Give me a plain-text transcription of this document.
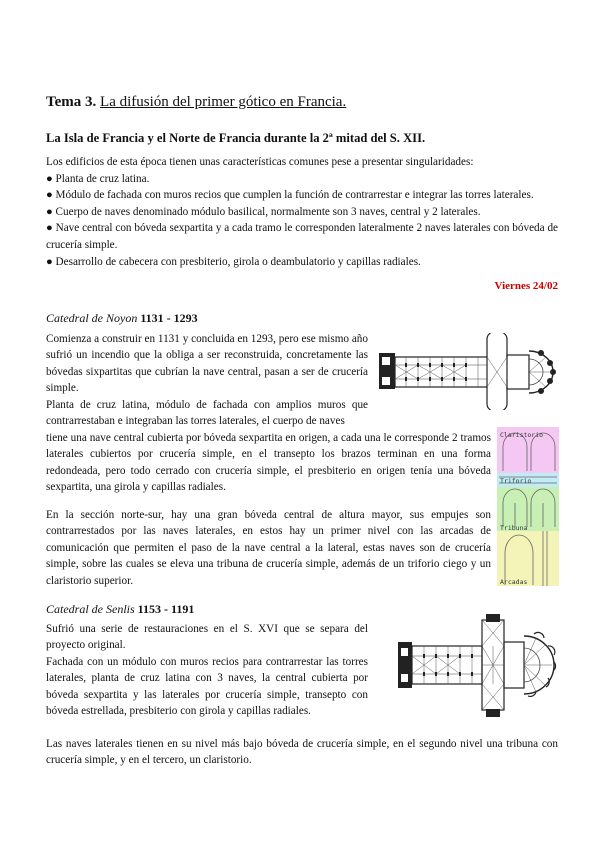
Tema 3. La difusión del primer gótico en Francia.
La Isla de Francia y el Norte de Francia durante la 2ª mitad del S. XII.

Los edificios de esta época tienen unas características comunes pese a presentar singularidades:

● Planta de cruz latina.

● Módulo de fachada con muros recios que cumplen la función de contrarrestar e integrar las torres laterales.

● Cuerpo de naves denominado módulo basilical, normalmente son 3 naves, central y 2 laterales.

● Nave central con bóveda sexpartita y a cada tramo le corresponden lateralmente 2 naves laterales con bóveda de crucería simple.

● Desarrollo de cabecera con presbiterio, girola o deambulatorio y capillas radiales.

Viernes 24/02
Catedral de Noyon 1131 - 1293

Comienza a construir en 1131 y concluida en 1293, pero ese mismo año sufrió un incendio que la obliga a ser reconstruida, concretamente las bóvedas sixpartitas que cubrían la nave central, pasan a ser de crucería simple.

Planta de cruz latina, módulo de fachada con amplios muros que contrarrestaban e integraban las torres laterales, el cuerpo de naves

tiene una nave central cubierta por bóveda sexpartita en origen, a cada una le corresponde 2 tramos laterales cubiertos por crucería simple, en el transepto los brazos terminan en una forma redondeada, pero todo cerrado con crucería simple, el presbiterio en origen tenía una bóveda sexpartita, una girola y capillas radiales.

En la sección norte-sur, hay una gran bóveda central de altura mayor, sus empujes son contrarrestados por las naves laterales, en estos hay un primer nivel con las arcadas de comunicación que permiten el paso de la nave central a la lateral, estas naves son de crucería simple, sobre las cuales se eleva una tribuna de crucería simple, además de un triforio ciego y un claristorio superior.

Claristorio
Triforio
Tribuna
Arcadas
Catedral de Senlis 1153 - 1191

Sufrió una serie de restauraciones en el S. XVI que se separa del proyecto original.

Fachada con un módulo con muros recios para contrarrestar las torres laterales, planta de cruz latina con 3 naves, la central cubierta por bóveda sexpartita y las laterales por crucería simple, transepto con bóveda estrellada, presbiterio con girola y capillas radiales.

Las naves laterales tienen en su nivel más bajo bóveda de crucería simple, en el segundo nivel una tribuna con crucería simple, y en el tercero, un claristorio.
